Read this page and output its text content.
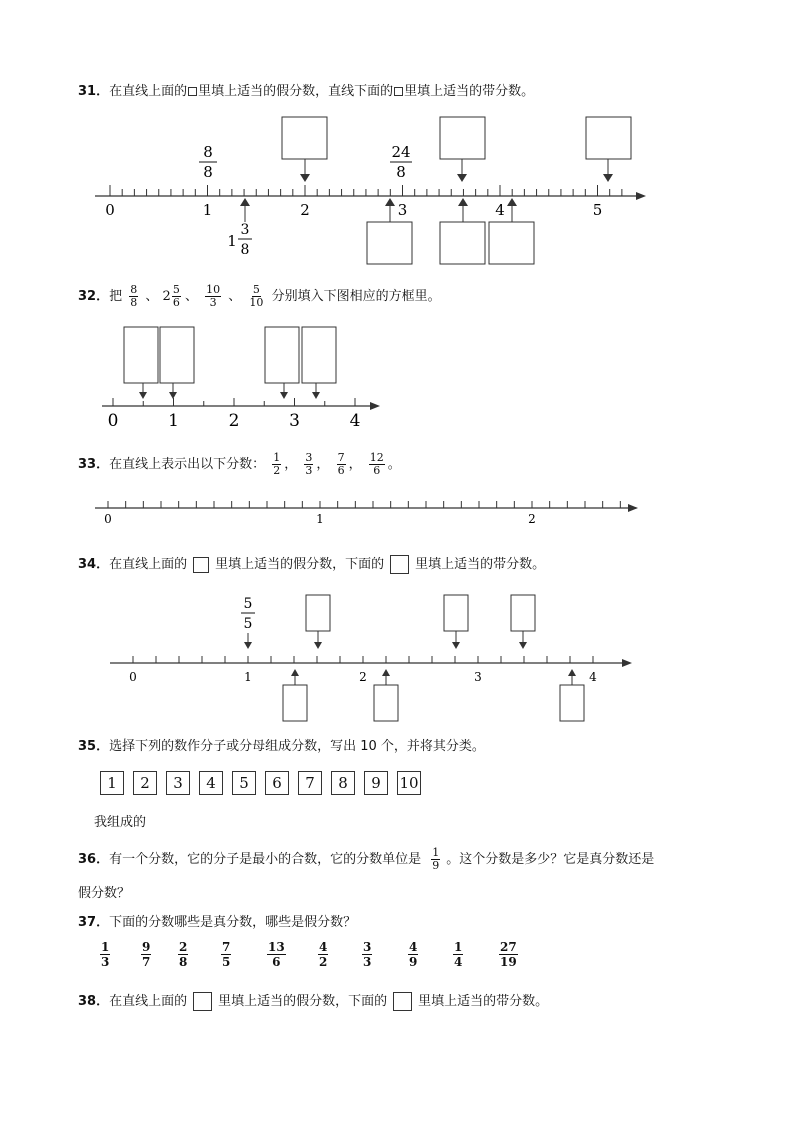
31．在直线上面的 里填上适当的假分数，直线下面的 里填上适当的带分数。
0	1	2	3	4	5
8
8
24
8
1
3
8
32．把 $\frac{8}{8}$ 、 $2 \frac{5}{6}$ 、 $\frac{10}{3}$ 、 $\frac{5}{10}$ 分别填入下图相应的方框里。
0	1	2	3	4
33．在直线上表示出以下分数： $\frac{1}{2}$ ， $\frac{3}{3}$ ， $\frac{7}{6}$ ， $\frac{12}{6}$ 。
0	1	2
34．在直线上面的 里填上适当的假分数，下面的 里填上适当的带分数。
0	1	2	3	4
5
5
35．选择下列的数作分子或分母组成分数，写出 10 个，并将其分类。
1	2	3	4	5	6	7	8	9	10
我组成的
36．有一个分数，它的分子是最小的合数，它的分数单位是 $\frac{1}{9}$ 。这个分数是多少？它是真分数还是
假分数？
37．下面的分数哪些是真分数，哪些是假分数？
$\frac{1}{3}$	$\frac{9}{7} \frac{2}{8}$	$\frac{7}{5}$	$\frac{13}{6}$	$\frac{4}{2}$	$\frac{3}{3}$	$\frac{4}{9}$	$\frac{1}{4}$	$\frac{27}{19}$
38．在直线上面的 里填上适当的假分数，下面的 里填上适当的带分数。
